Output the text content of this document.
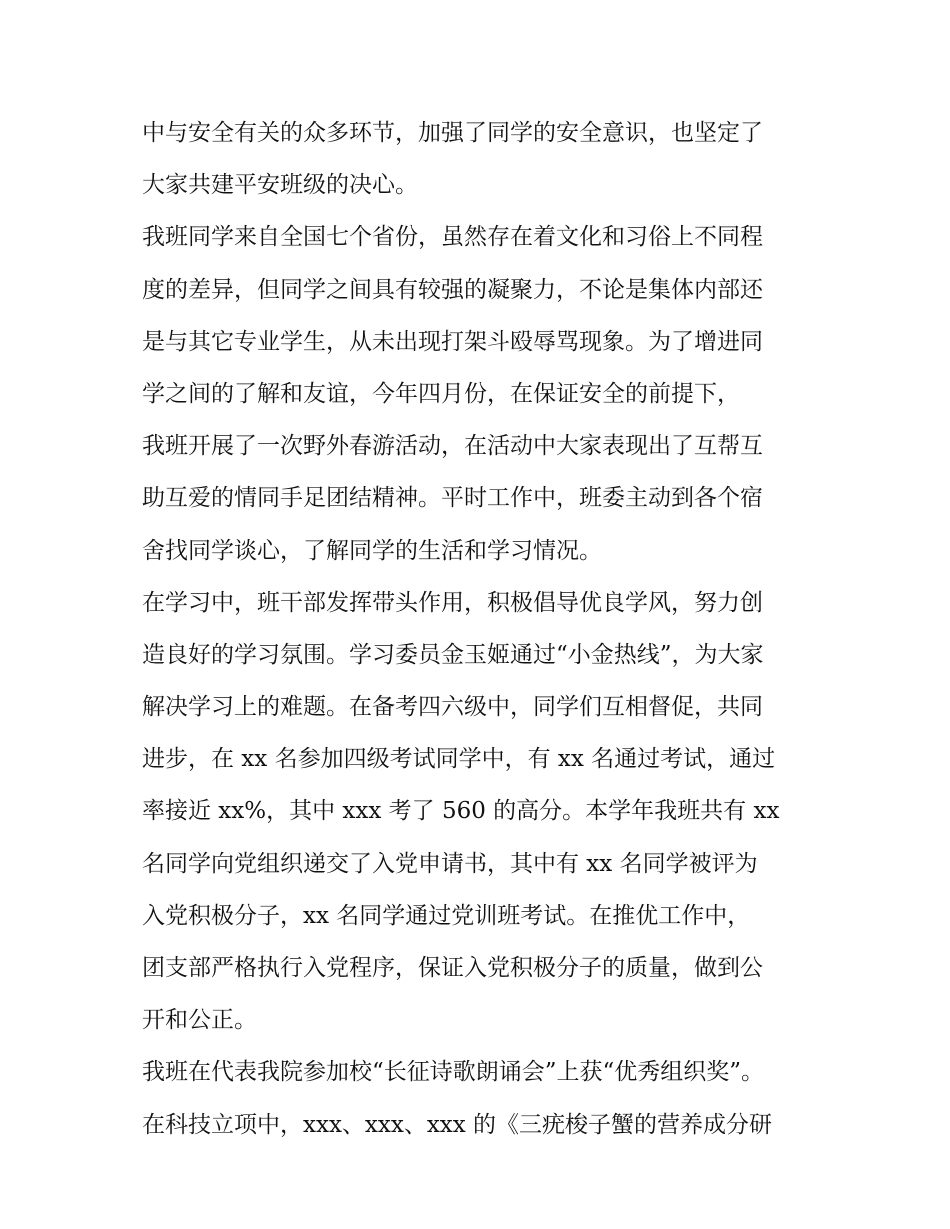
中与安全有关的众多环节，加强了同学的安全意识，也坚定了
大家共建平安班级的决心。
我班同学来自全国七个省份，虽然存在着文化和习俗上不同程
度的差异，但同学之间具有较强的凝聚力，不论是集体内部还
是与其它专业学生，从未出现打架斗殴辱骂现象。为了增进同
学之间的了解和友谊，今年四月份，在保证安全的前提下，
我班开展了一次野外春游活动，在活动中大家表现出了互帮互
助互爱的情同手足团结精神。平时工作中，班委主动到各个宿
舍找同学谈心，了解同学的生活和学习情况。
在学习中，班干部发挥带头作用，积极倡导优良学风，努力创
造良好的学习氛围。学习委员金玉姬通过“小金热线”，为大家
解决学习上的难题。在备考四六级中，同学们互相督促，共同
进步，在 xx 名参加四级考试同学中，有 xx 名通过考试，通过
率接近 xx%，其中 xxx 考了 560 的高分。本学年我班共有 xx
名同学向党组织递交了入党申请书，其中有 xx 名同学被评为
入党积极分子，xx 名同学通过党训班考试。在推优工作中，
团支部严格执行入党程序，保证入党积极分子的质量，做到公
开和公正。
我班在代表我院参加校“长征诗歌朗诵会”上获“优秀组织奖”。
在科技立项中，xxx、xxx、xxx 的《三疣梭子蟹的营养成分研
